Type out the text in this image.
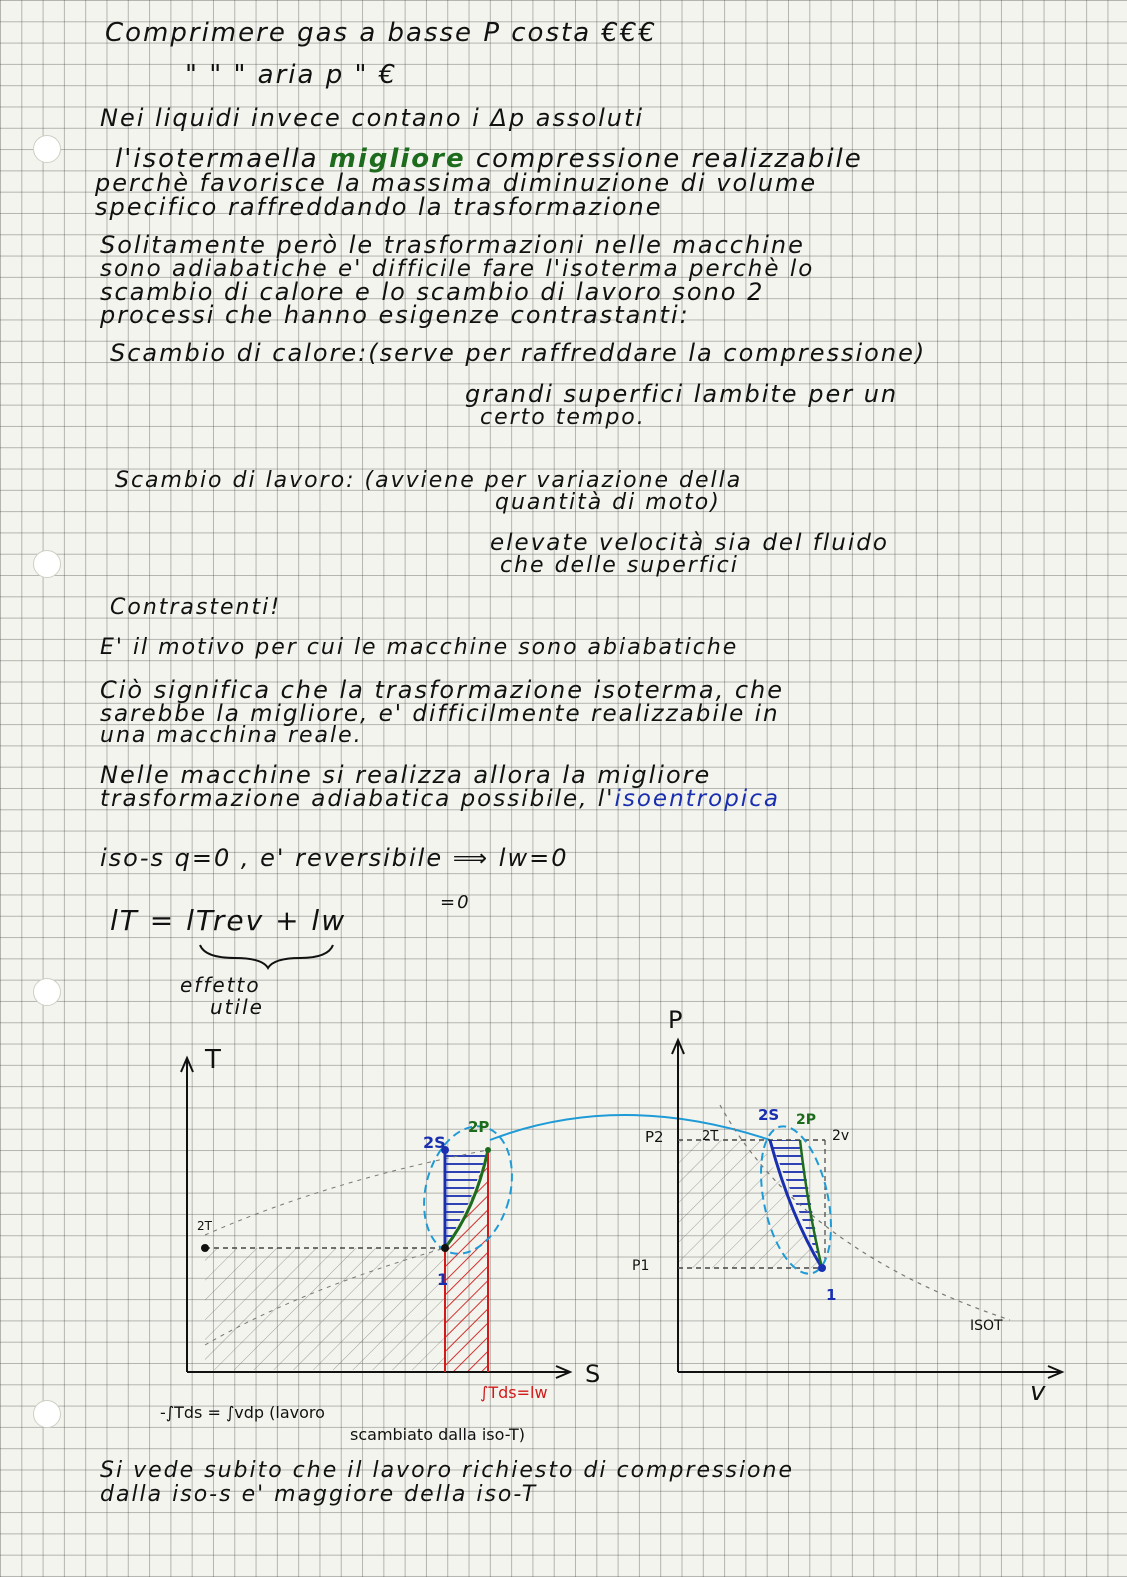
Comprimere gas a basse P costa €€€
" " " aria p " €
Nei liquidi invece contano i Δp assoluti
l'isotermaella migliore compressione realizzabile
perchè favorisce la massima diminuzione di volume
specifico raffreddando la trasformazione
Solitamente però le trasformazioni nelle macchine
sono adiabatiche e' difficile fare l'isoterma perchè lo
scambio di calore e lo scambio di lavoro sono 2
processi che hanno esigenze contrastanti:
Scambio di calore:(serve per raffreddare la compressione)
grandi superfici lambite per un
certo tempo.
Scambio di lavoro: (avviene per variazione della
quantità di moto)
elevate velocità sia del fluido
che delle superfici
Contrastenti!
E' il motivo per cui le macchine sono abiabatiche
Ciò significa che la trasformazione isoterma, che
sarebbe la migliore, e' difficilmente realizzabile in
una macchina reale.
Nelle macchine si realizza allora la migliore
trasformazione adiabatica possibile, l'isoentropica
iso-s q=0 , e' reversibile ⟹ lw=0
lT = lTrev + lw
=0
effetto
utile
T
S
2S
2P
2T
1
∫Tds=lw
-∫Tds = ∫vdp (lavoro
scambiato dalla iso-T)
P
v
P2
P1
2T
2S 2P
2v
1
ISOT
Si vede subito che il lavoro richiesto di compressione
dalla iso-s e' maggiore della iso-T
